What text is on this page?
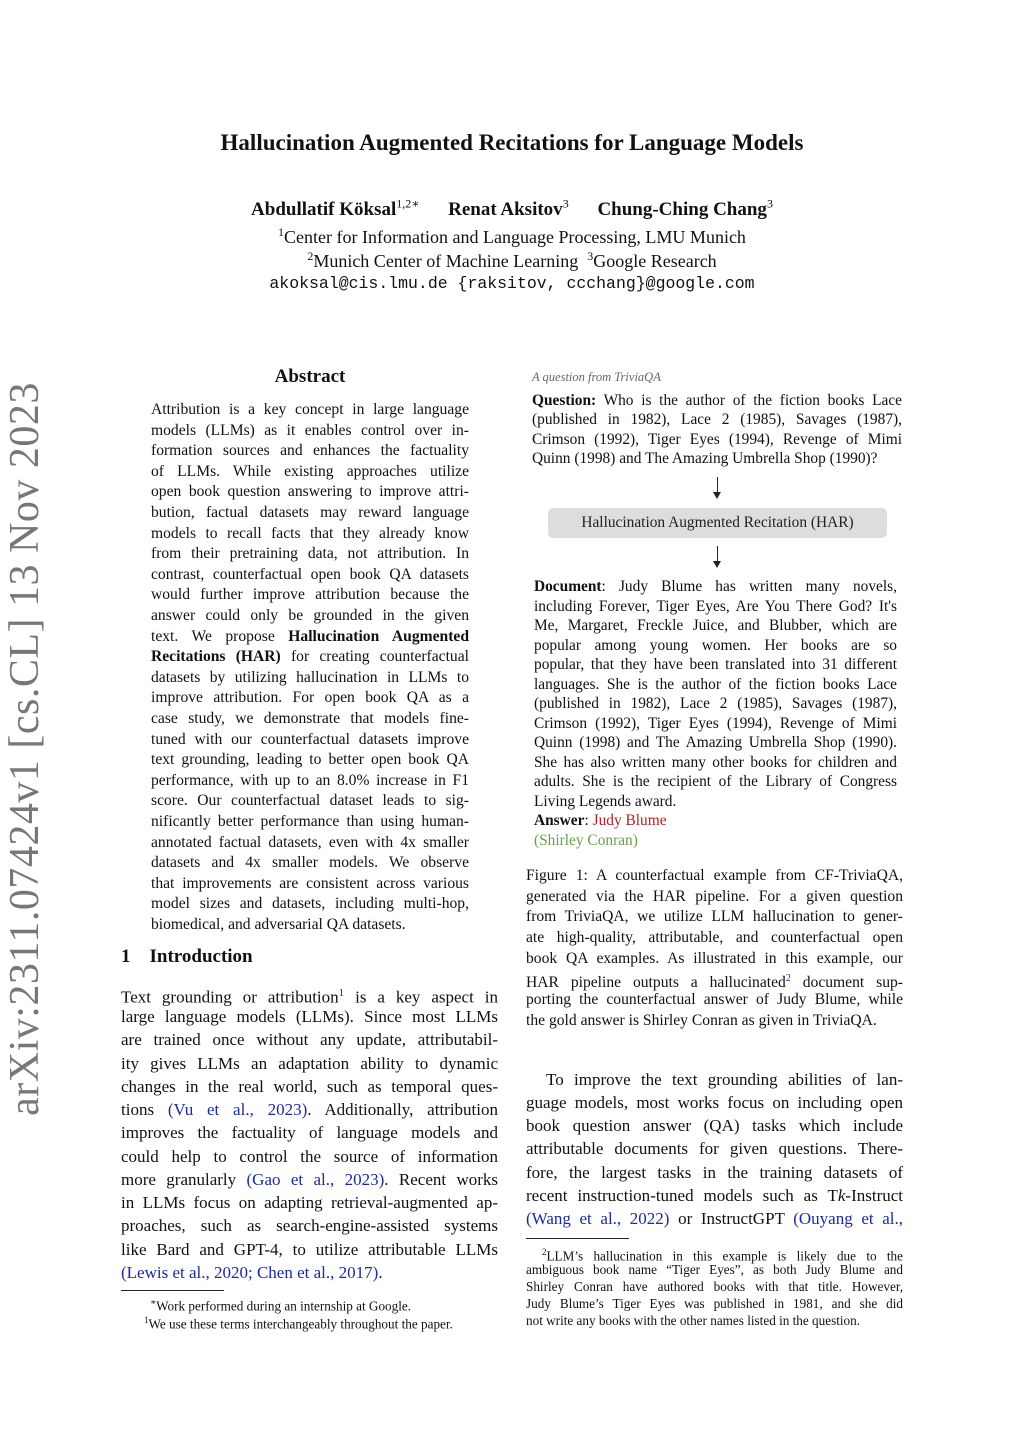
arXiv:2311.07424v1 [cs.CL] 13 Nov 2023
Hallucination Augmented Recitations for Language Models
Abdullatif Köksal$^{1,2∗}$ Renat Aksitov$^3$ Chung-Ching Chang$^3$
$^1$Center for Information and Language Processing, LMU Munich
$^2$Munich Center of Machine Learning $^3$Google Research
akoksal@cis.lmu.de {raksitov, ccchang}@google.com
Abstract
Attribution is a key concept in large language
models (LLMs) as it enables control over in-
formation sources and enhances the factuality
of LLMs. While existing approaches utilize
open book question answering to improve attri-
bution, factual datasets may reward language
models to recall facts that they already know
from their pretraining data, not attribution. In
contrast, counterfactual open book QA datasets
would further improve attribution because the
answer could only be grounded in the given
text. We propose Hallucination Augmented
Recitations (HAR) for creating counterfactual
datasets by utilizing hallucination in LLMs to
improve attribution. For open book QA as a
case study, we demonstrate that models fine-
tuned with our counterfactual datasets improve
text grounding, leading to better open book QA
performance, with up to an 8.0% increase in F1
score. Our counterfactual dataset leads to sig-
nificantly better performance than using human-
annotated factual datasets, even with 4x smaller
datasets and 4x smaller models. We observe
that improvements are consistent across various
model sizes and datasets, including multi-hop,
biomedical, and adversarial QA datasets.
1 Introduction
Text grounding or attribution$^1$ is a key aspect in
large language models (LLMs). Since most LLMs
are trained once without any update, attributabil-
ity gives LLMs an adaptation ability to dynamic
changes in the real world, such as temporal ques-
tions (Vu et al., 2023). Additionally, attribution
improves the factuality of language models and
could help to control the source of information
more granularly (Gao et al., 2023). Recent works
in LLMs focus on adapting retrieval-augmented ap-
proaches, such as search-engine-assisted systems
like Bard and GPT-4, to utilize attributable LLMs
(Lewis et al., 2020; Chen et al., 2017).
∗Work performed during an internship at Google.
$^1$We use these terms interchangeably throughout the paper.
A question from TriviaQA
Question: Who is the author of the fiction books Lace
(published in 1982), Lace 2 (1985), Savages (1987),
Crimson (1992), Tiger Eyes (1994), Revenge of Mimi
Quinn (1998) and The Amazing Umbrella Shop (1990)?
Hallucination Augmented Recitation (HAR)
Document: Judy Blume has written many novels,
including Forever, Tiger Eyes, Are You There God? It's
Me, Margaret, Freckle Juice, and Blubber, which are
popular among young women. Her books are so
popular, that they have been translated into 31 different
languages. She is the author of the fiction books Lace
(published in 1982), Lace 2 (1985), Savages (1987),
Crimson (1992), Tiger Eyes (1994), Revenge of Mimi
Quinn (1998) and The Amazing Umbrella Shop (1990).
She has also written many other books for children and
adults. She is the recipient of the Library of Congress
Living Legends award.
Answer: Judy Blume
(Shirley Conran)
Figure 1: A counterfactual example from CF-TriviaQA,
generated via the HAR pipeline. For a given question
from TriviaQA, we utilize LLM hallucination to gener-
ate high-quality, attributable, and counterfactual open
book QA examples. As illustrated in this example, our
HAR pipeline outputs a hallucinated$^2$ document sup-
porting the counterfactual answer of Judy Blume, while
the gold answer is Shirley Conran as given in TriviaQA.
To improve the text grounding abilities of lan-
guage models, most works focus on including open
book question answer (QA) tasks which include
attributable documents for given questions. There-
fore, the largest tasks in the training datasets of
recent instruction-tuned models such as Tk-Instruct
(Wang et al., 2022) or InstructGPT (Ouyang et al.,
$^2$LLM’s hallucination in this example is likely due to the
ambiguous book name “Tiger Eyes”, as both Judy Blume and
Shirley Conran have authored books with that title. However,
Judy Blume’s Tiger Eyes was published in 1981, and she did
not write any books with the other names listed in the question.
